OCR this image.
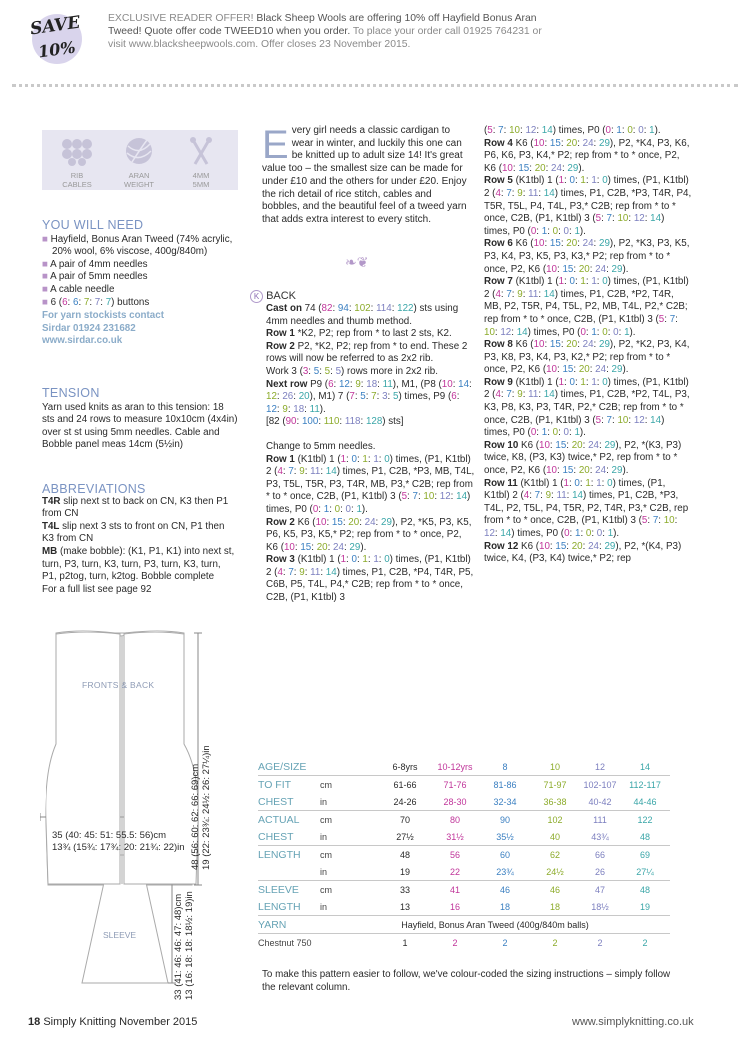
SAVE
10%
EXCLUSIVE READER OFFER! Black Sheep Wools are offering 10% off Hayfield Bonus Aran Tweed! Quote offer code TWEED10 when you order. To place your order call 01925 764231 or visit www.blacksheepwools.com. Offer closes 23 November 2015.
RIB
CABLES
ARAN
WEIGHT
4MM
5MM
YOU WILL NEED
■ Hayfield, Bonus Aran Tweed (74% acrylic, 20% wool, 6% viscose, 400g/840m)
■ A pair of 4mm needles
■ A pair of 5mm needles
■ A cable needle
■ 6 (6: 6: 7: 7: 7) buttons
For yarn stockists contact
Sirdar 01924 231682
www.sirdar.co.uk
TENSION
Yarn used knits as aran to this tension: 18 sts and 24 rows to measure 10x10cm (4x4in) over st st using 5mm needles. Cable and Bobble panel meas 14cm (5½in)
ABBREVIATIONS
T4R slip next st to back on CN, K3 then P1 from CN
T4L slip next 3 sts to front on CN, P1 then K3 from CN
MB (make bobble): (K1, P1, K1) into next st, turn, P3, turn, K3, turn, P3, turn, K3, turn, P1, p2tog, turn, k2tog. Bobble complete
For a full list see page 92
FRONTS & BACK
48 (56: 60: 62: 66: 69)cm 19 (22: 23¾: 24½: 26: 27¼)in
35 (40: 45: 51: 55.5: 56)cm
13¾ (15¾: 17¾: 20: 21¾: 22)in
SLEEVE	33 (41: 46: 46: 47: 48)cm 13 (16: 18: 18: 18½: 19)in
E very girl needs a classic cardigan to wear in winter, and luckily this one can be knitted up to adult size 14! It's great value too – the smallest size can be made for under £10 and the others for under £20. Enjoy the rich detail of rice stitch, cables and bobbles, and the beautiful feel of a tweed yarn that adds extra interest to every stitch.
❧❦
K BACK
Cast on 74 (82: 94: 102: 114: 122) sts using 4mm needles and thumb method.
Row 1 *K2, P2; rep from * to last 2 sts, K2.
Row 2 P2, *K2, P2; rep from * to end. These 2 rows will now be referred to as 2x2 rib.
Work 3 (3: 5: 5: 5) rows more in 2x2 rib.
Next row P9 (6: 12: 9: 18: 11), M1, (P8 (10: 14: 12: 26: 20), M1) 7 (7: 5: 7: 3: 5) times, P9 (6: 12: 9: 18: 11).
[82 (90: 100: 110: 118: 128) sts]
Change to 5mm needles.
Row 1 (K1tbl) 1 (1: 0: 1: 1: 0) times, (P1, K1tbl) 2 (4: 7: 9: 11: 14) times, P1, C2B, *P3, MB, T4L, P3, T5L, T5R, P3, T4R, MB, P3,* C2B; rep from * to * once, C2B, (P1, K1tbl) 3 (5: 7: 10: 12: 14) times, P0 (0: 1: 0: 0: 1).
Row 2 K6 (10: 15: 20: 24: 29), P2, *K5, P3, K5, P6, K5, P3, K5,* P2; rep from * to * once, P2, K6 (10: 15: 20: 24: 29).
Row 3 (K1tbl) 1 (1: 0: 1: 1: 0) times, (P1, K1tbl) 2 (4: 7: 9: 11: 14) times, P1, C2B, *P4, T4R, P5, C6B, P5, T4L, P4,* C2B; rep from * to * once, C2B, (P1, K1tbl) 3
(5: 7: 10: 12: 14) times, P0 (0: 1: 0: 0: 1).
Row 4 K6 (10: 15: 20: 24: 29), P2, *K4, P3, K6, P6, K6, P3, K4,* P2; rep from * to * once, P2, K6 (10: 15: 20: 24: 29).
Row 5 (K1tbl) 1 (1: 0: 1: 1: 0) times, (P1, K1tbl) 2 (4: 7: 9: 11: 14) times, P1, C2B, *P3, T4R, P4, T5R, T5L, P4, T4L, P3,* C2B; rep from * to * once, C2B, (P1, K1tbl) 3 (5: 7: 10: 12: 14) times, P0 (0: 1: 0: 0: 1).
Row 6 K6 (10: 15: 20: 24: 29), P2, *K3, P3, K5, P3, K4, P3, K5, P3, K3,* P2; rep from * to * once, P2, K6 (10: 15: 20: 24: 29).
Row 7 (K1tbl) 1 (1: 0: 1: 1: 0) times, (P1, K1tbl) 2 (4: 7: 9: 11: 14) times, P1, C2B, *P2, T4R, MB, P2, T5R, P4, T5L, P2, MB, T4L, P2,* C2B; rep from * to * once, C2B, (P1, K1tbl) 3 (5: 7: 10: 12: 14) times, P0 (0: 1: 0: 0: 1).
Row 8 K6 (10: 15: 20: 24: 29), P2, *K2, P3, K4, P3, K8, P3, K4, P3, K2,* P2; rep from * to * once, P2, K6 (10: 15: 20: 24: 29).
Row 9 (K1tbl) 1 (1: 0: 1: 1: 0) times, (P1, K1tbl) 2 (4: 7: 9: 11: 14) times, P1, C2B, *P2, T4L, P3, K3, P8, K3, P3, T4R, P2,* C2B; rep from * to * once, C2B, (P1, K1tbl) 3 (5: 7: 10: 12: 14) times, P0 (0: 1: 0: 0: 1).
Row 10 K6 (10: 15: 20: 24: 29), P2, *(K3, P3) twice, K8, (P3, K3) twice,* P2, rep from * to * once, P2, K6 (10: 15: 20: 24: 29).
Row 11 (K1tbl) 1 (1: 0: 1: 1: 0) times, (P1, K1tbl) 2 (4: 7: 9: 11: 14) times, P1, C2B, *P3, T4L, P2, T5L, P4, T5R, P2, T4R, P3,* C2B, rep from * to * once, C2B, (P1, K1tbl) 3 (5: 7: 10: 12: 14) times, P0 (0: 1: 0: 0: 1).
Row 12 K6 (10: 15: 20: 24: 29), P2, *(K4, P3) twice, K4, (P3, K4) twice,* P2; rep
AGE/SIZE		6-8yrs	10-12yrs	8	10	12	14
TO FIT	cm	61-66	71-76	81-86	71-97	102-107	112-117
CHEST	in	24-26	28-30	32-34	36-38	40-42	44-46
ACTUAL	cm	70	80	90	102	111	122
CHEST	in	27½	31½	35½	40	43¾	48
LENGTH	cm	48	56	60	62	66	69
	in	19	22	23¾	24½	26	27¼
SLEEVE	cm	33	41	46	46	47	48
LENGTH	in	13	16	18	18	18½	19
YARN	Hayfield, Bonus Aran Tweed (400g/840m balls)						
Chestnut 750		1	2	2	2	2	2
To make this pattern easier to follow, we've colour-coded the sizing instructions – simply follow the relevant column.
18 Simply Knitting November 2015	www.simplyknitting.co.uk
